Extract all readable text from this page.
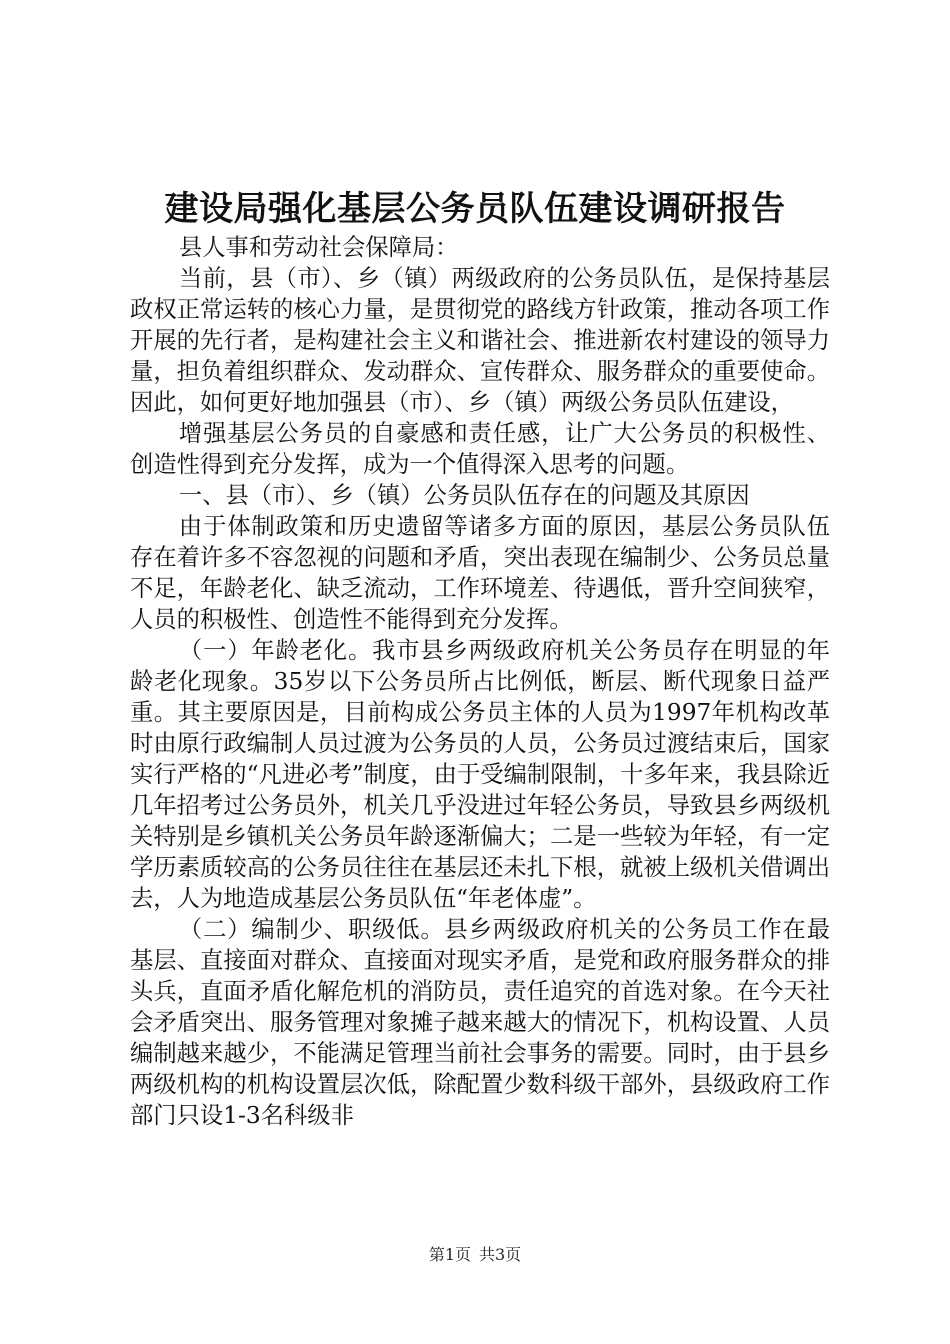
建设局强化基层公务员队伍建设调研报告

县人事和劳动社会保障局：

当前，县（市）、乡（镇）两级政府的公务员队伍，是保持基层政权正常运转的核心力量，是贯彻党的路线方针政策，推动各项工作开展的先行者，是构建社会主义和谐社会、推进新农村建设的领导力量，担负着组织群众、发动群众、宣传群众、服务群众的重要使命。因此，如何更好地加强县（市）、乡（镇）两级公务员队伍建设，

增强基层公务员的自豪感和责任感，让广大公务员的积极性、创造性得到充分发挥，成为一个值得深入思考的问题。

一、县（市）、乡（镇）公务员队伍存在的问题及其原因

由于体制政策和历史遗留等诸多方面的原因，基层公务员队伍存在着许多不容忽视的问题和矛盾，突出表现在编制少、公务员总量不足，年龄老化、缺乏流动，工作环境差、待遇低，晋升空间狭窄，人员的积极性、创造性不能得到充分发挥。

（一）年龄老化。我市县乡两级政府机关公务员存在明显的年龄老化现象。35岁以下公务员所占比例低，断层、断代现象日益严重。其主要原因是，目前构成公务员主体的人员为1997年机构改革时由原行政编制人员过渡为公务员的人员，公务员过渡结束后，国家实行严格的“凡进必考”制度，由于受编制限制，十多年来，我县除近几年招考过公务员外，机关几乎没进过年轻公务员，导致县乡两级机关特别是乡镇机关公务员年龄逐渐偏大；二是一些较为年轻，有一定学历素质较高的公务员往往在基层还未扎下根，就被上级机关借调出去，人为地造成基层公务员队伍“年老体虚”。

（二）编制少、职级低。县乡两级政府机关的公务员工作在最基层、直接面对群众、直接面对现实矛盾，是党和政府服务群众的排头兵，直面矛盾化解危机的消防员，责任追究的首选对象。在今天社会矛盾突出、服务管理对象摊子越来越大的情况下，机构设置、人员编制越来越少，不能满足管理当前社会事务的需要。同时，由于县乡两级机构的机构设置层次低，除配置少数科级干部外，县级政府工作部门只设1-3名科级非

第1页 共3页
